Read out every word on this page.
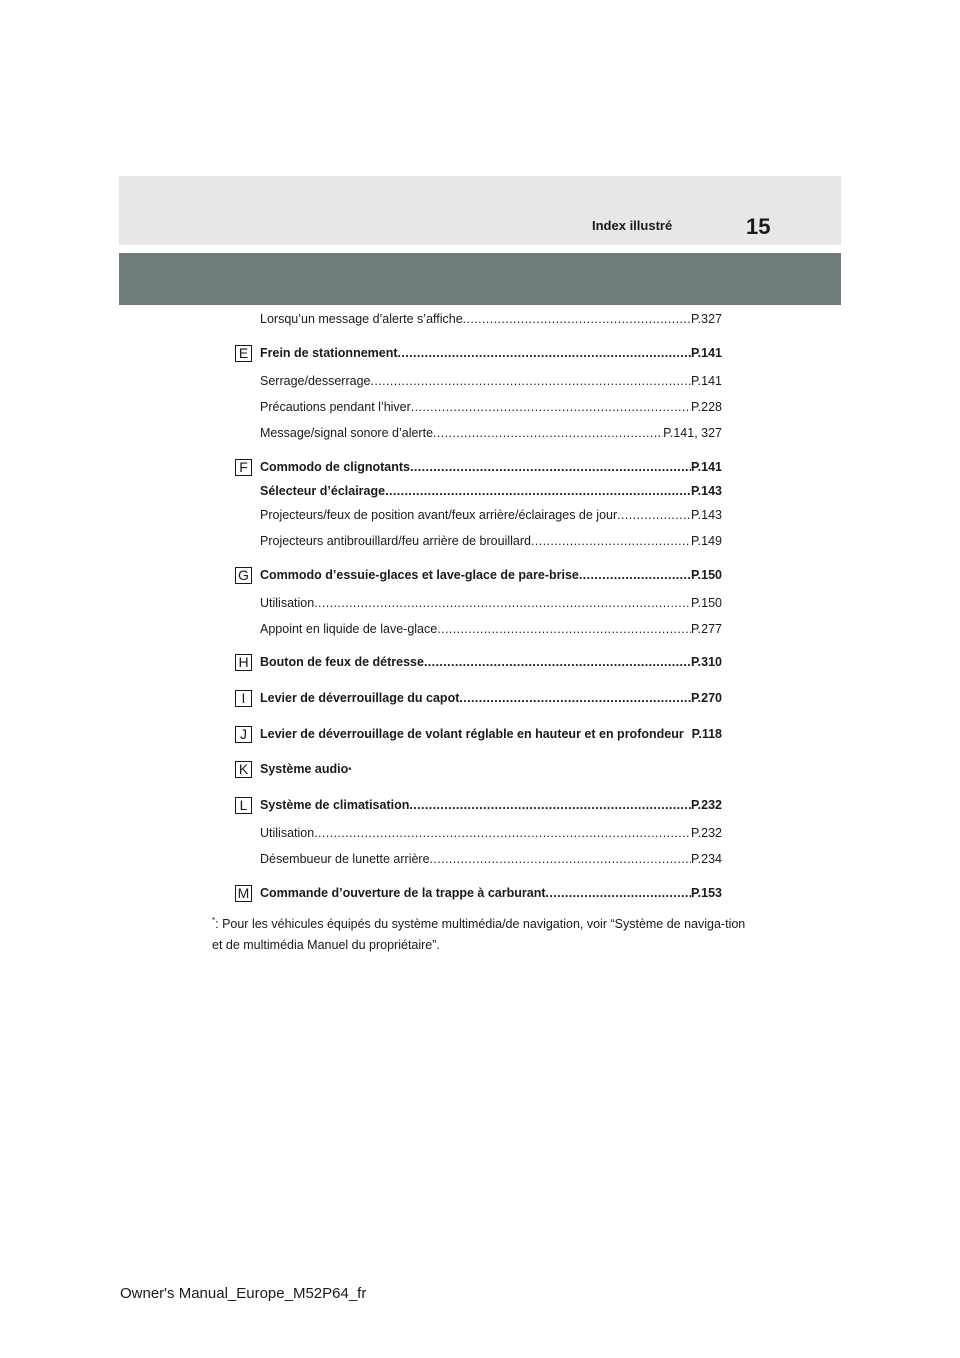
Index illustré	15
Lorsqu’un message d’alerte s’affiche .....	P.327
E Frein de stationnement .....	P.141
Serrage/desserrage .....	P.141
Précautions pendant l’hiver .....	P.228
Message/signal sonore d’alerte .....	P.141, 327
F Commodo de clignotants .....	P.141
Sélecteur d’éclairage .....	P.143
Projecteurs/feux de position avant/feux arrière/éclairages de jour .....	P.143
Projecteurs antibrouillard/feu arrière de brouillard .....	P.149
G Commodo d’essuie-glaces et lave-glace de pare-brise .....	P.150
Utilisation .....	P.150
Appoint en liquide de lave-glace .....	P.277
H Bouton de feux de détresse .....	P.310
I	Levier de déverrouillage du capot .....	P.270
J	Levier de déverrouillage de volant réglable en hauteur et en profondeur P.118
K Système audio *
L	Système de climatisation .....	P.232
Utilisation .....	P.232
Désembueur de lunette arrière .....	P.234
M Commande d’ouverture de la trappe à carburant .....	P.153
*: Pour les véhicules équipés du système multimédia/de navigation, voir “Système de naviga-tion et de multimédia Manuel du propriétaire”.
Owner's Manual_Europe_M52P64_fr
